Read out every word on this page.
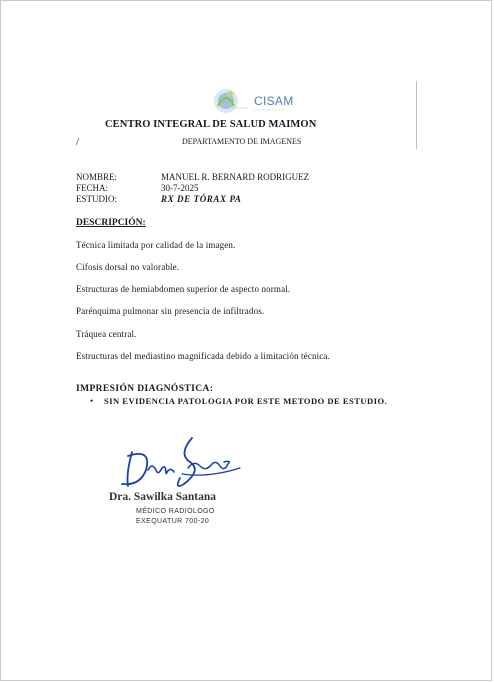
CISAM
CENTRO INTEGRAL DE SALUD MAIMON
DEPARTAMENTO DE IMAGENES
/
NOMBRE:	MANUEL R. BERNARD RODRIGUEZ
FECHA:	30-7-2025
ESTUDIO:	RX DE TÓRAX PA
DESCRIPCIÓN:
Técnica limitada por calidad de la imagen.
Cifosis dorsal no valorable.
Estructuras de hemiabdomen superior de aspecto normal.
Parénquima pulmonar sin presencia de infiltrados.
Tráquea central.
Estructuras del mediastino magnificada debido a limitación técnica.
IMPRESIÓN DIAGNÓSTICA:
• SIN EVIDENCIA PATOLOGIA POR ESTE METODO DE ESTUDIO.
Dra. Sawilka Santana
MÉDICO RADIÓLOGO
EXEQUATUR 700-20
